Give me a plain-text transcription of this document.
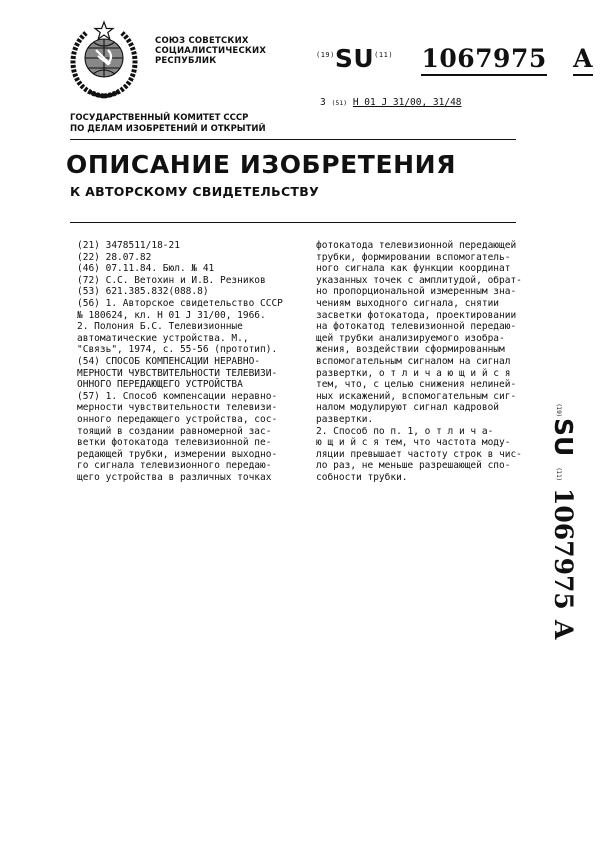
СОЮЗ СОВЕТСКИХ
СОЦИАЛИСТИЧЕСКИХ
РЕСПУБЛИК
$^{(19)}$SU$^{(11)}$ 1067975 A
3 (51) H 01 J 31/00, 31/48
ГОСУДАРСТВЕННЫЙ КОМИТЕТ СССР
ПО ДЕЛАМ ИЗОБРЕТЕНИЙ И ОТКРЫТИЙ
ОПИСАНИЕ ИЗОБРЕТЕНИЯ
К АВТОРСКОМУ СВИДЕТЕЛЬСТВУ
(21) 3478511/18-21
(22) 28.07.82
(46) 07.11.84. Бюл. № 41
(72) С.С. Ветохин и И.В. Резников
(53) 621.385.832(088.8)
(56) 1. Авторское свидетельство СССР
№ 180624, кл. Н 01 J 31/00, 1966.
2. Полония Б.С. Телевизионные
автоматические устройства. М.,
"Связь", 1974, с. 55-56 (прототип).
(54) СПОСОБ КОМПЕНСАЦИИ НЕРАВНО-
МЕРНОСТИ ЧУВСТВИТЕЛЬНОСТИ ТЕЛЕВИЗИ-
ОННОГО ПЕРЕДАЮЩЕГО УСТРОЙСТВА
(57) 1. Способ компенсации неравно-
мерности чувствительности телевизи-
онного передающего устройства, сос-
тоящий в создании равномерной зас-
ветки фотокатода телевизионной пе-
редающей трубки, измерении выходно-
го сигнала телевизионного передаю-
щего устройства в различных точках
фотокатода телевизионной передающей
трубки, формировании вспомогатель-
ного сигнала как функции координат
указанных точек с амплитудой, обрат-
но пропорциональной измеренным зна-
чениям выходного сигнала, снятии
засветки фотокатода, проектировании
на фотокатод телевизионной передаю-
щей трубки анализируемого изобра-
жения, воздействии сформированным
вспомогательным сигналом на сигнал
развертки, о т л и ч а ю щ и й с я
тем, что, с целью снижения нелиней-
ных искажений, вспомогательным сиг-
налом модулируют сигнал кадровой
развертки.
2. Способ по п. 1, о т л и ч а-
ю щ и й с я тем, что частота моду-
ляции превышает частоту строк в чис-
ло раз, не меньше разрешающей спо-
собности трубки.
(19)
SU
(11)
1067975
A
